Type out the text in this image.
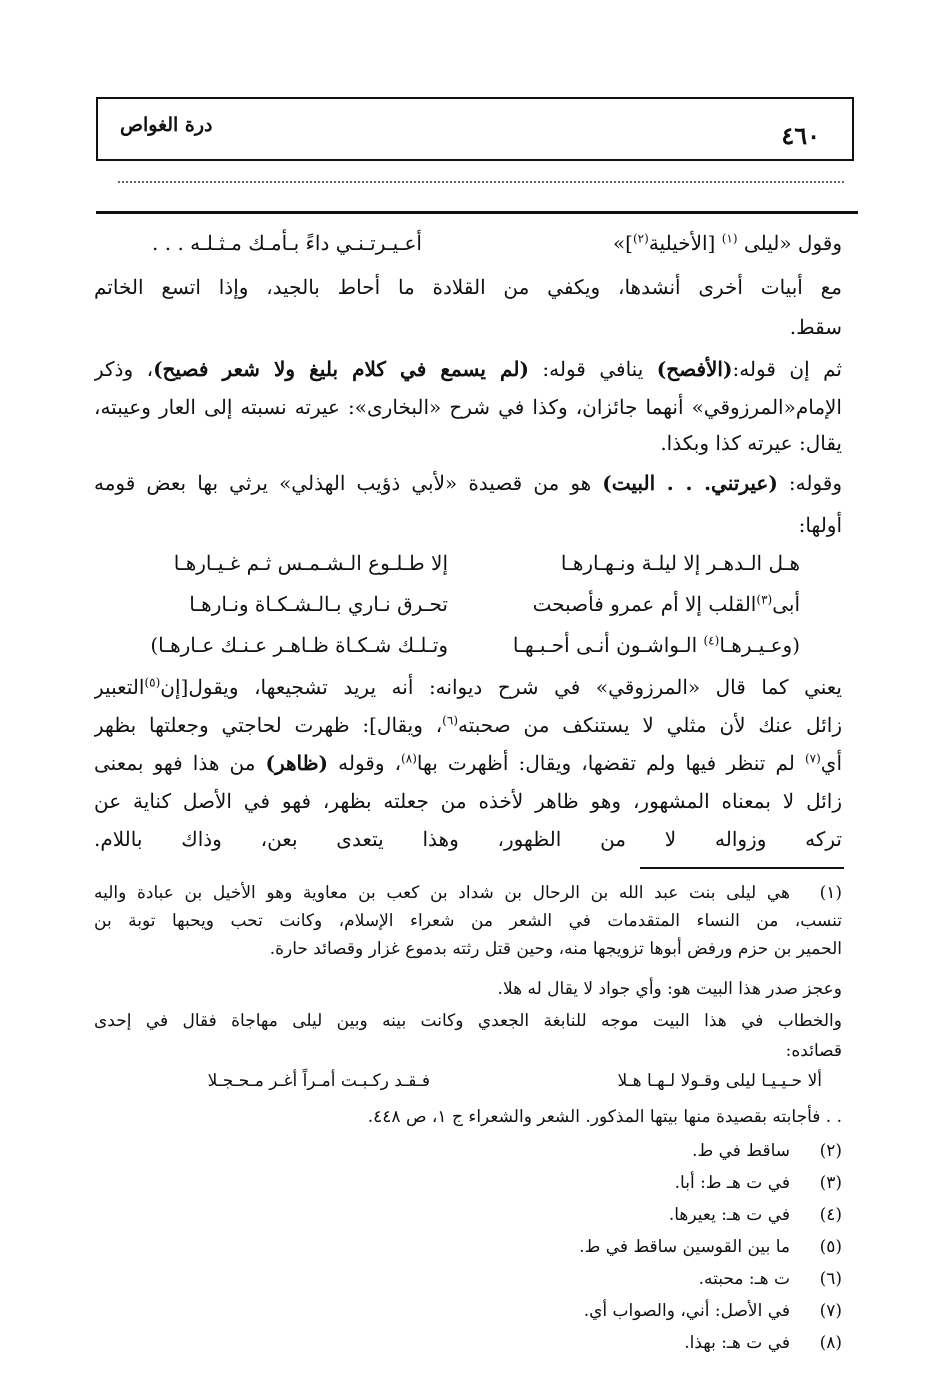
٤٦٠
درة الغواص
وقول «ليلى $^{(١)}$ [الأخيلية$^{(٢)}$]»أعـيـرتـنـي داءً بـأمـك مـثـلـه . . .
مع أبيات أخرى أنشدها، ويكفي من القلادة ما أحاط بالجيد، وإذا اتسع الخاتم
سقط.
ثم إن قوله:(الأفصح) ينافي قوله: (لم يسمع في كلام بليغ ولا شعر فصيح)، وذكر
الإمام«المرزوقي» أنهما جائزان، وكذا في شرح «البخارى»: عيرته نسبته إلى العار وعيبته،
يقال: عيرته كذا وبكذا.
وقوله: (عيرتني. . . البيت) هو من قصيدة «لأبي ذؤيب الهذلي» يرثي بها بعض قومه
أولها:
هـل الـدهـر إلا ليلـة ونـهـارهـا
إلا طـلـوع الـشـمـس ثـم غـيـارهـا
أبى$^{(٣)}$القلب إلا أم عمرو فأصبحت
تحـرق نـاري بـالـشـكـاة ونـارهـا
(وعـيـرهـا$^{(٤)}$ الـواشـون أنـى أحـبـهـا
وتـلـك شـكـاة ظـاهـر عـنـك عـارهـا)
يعني كما قال «المرزوقي» في شرح ديوانه: أنه يريد تشجيعها، ويقول[إن$^{(٥)}$التعبير
زائل عنك لأن مثلي لا يستنكف من صحبته$^{(٦)}$، ويقال]: ظهرت لحاجتي وجعلتها بظهر
أي$^{(٧)}$ لم تنظر فيها ولم تقضها، ويقال: أظهرت بها$^{(٨)}$، وقوله (ظاهر) من هذا فهو بمعنى
زائل لا بمعناه المشهور، وهو ظاهر لأخذه من جعلته بظهر، فهو في الأصل كناية عن
تركه وزواله لا من الظهور، وهذا يتعدى بعن، وذاك باللام.
(١)
هي ليلى بنت عبد الله بن الرحال بن شداد بن كعب بن معاوية وهو الأخيل بن عبادة واليه
تنسب، من النساء المتقدمات في الشعر من شعراء الإسلام، وكانت تحب ويحبها توبة بن
الحمير بن حزم ورفض أبوها تزويجها منه، وحين قتل رثته بدموع غزار وقصائد حارة.
وعجز صدر هذا البيت هو: وأي جواد لا يقال له هلا.
والخطاب في هذا البيت موجه للنابغة الجعدي وكانت بينه وبين ليلى مهاجاة فقال في إحدى
قصائده:
ألا حـيـيـا ليلى وقـولا لـهـا هـلا
فـقـد ركـبـت أمـراً أغـر مـحـجـلا
. . فأجابته بقصيدة منها بيتها المذكور. الشعر والشعراء ج ١، ص ٤٤٨.
(٢)
ساقط في ط.
(٣)
في ت هـ ط: أبا.
(٤)
في ت هـ: يعيرها.
(٥)
ما بين القوسين ساقط في ط.
(٦)
ت هـ: محبته.
(٧)
في الأصل: أني، والصواب أي.
(٨)
في ت هـ: بهذا.
